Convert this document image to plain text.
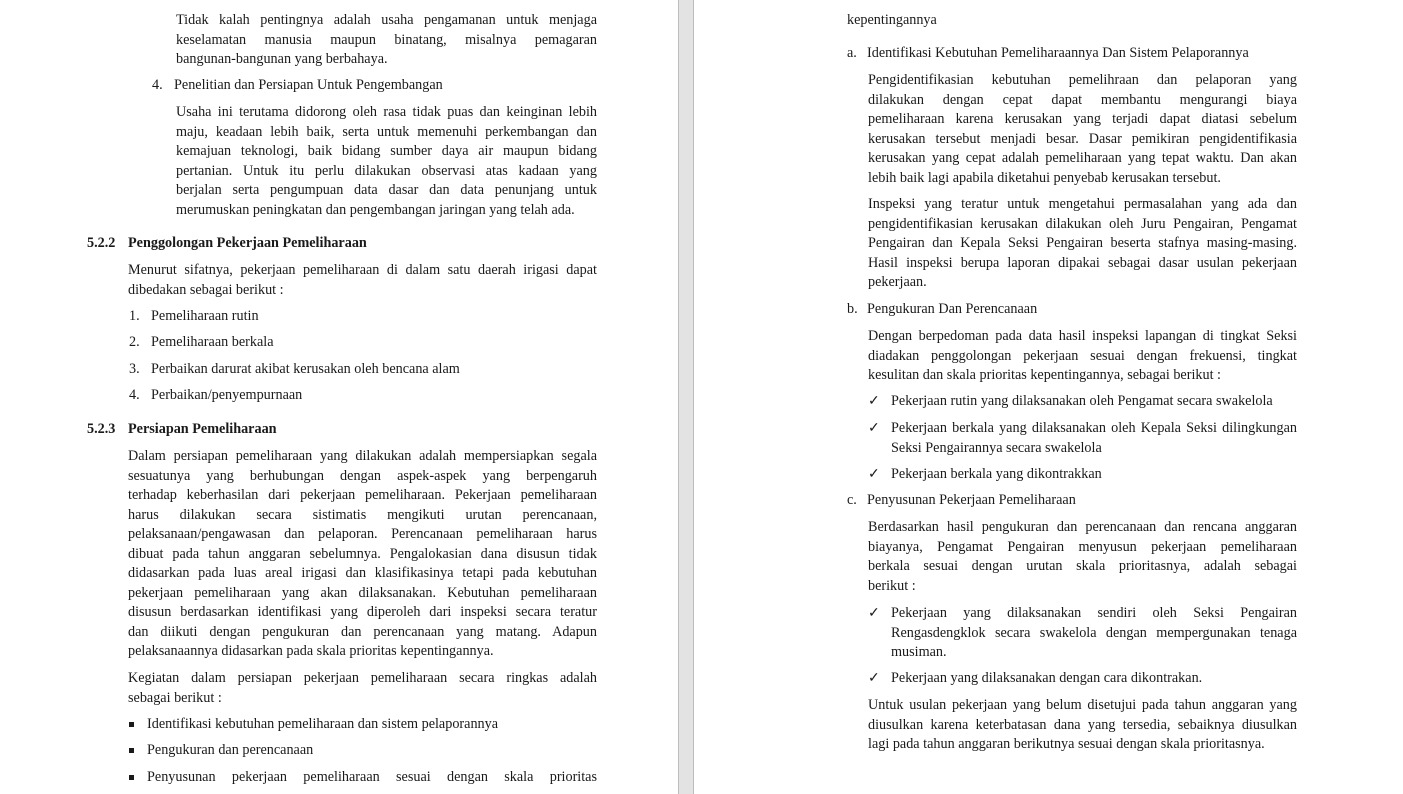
Tidak kalah pentingnya adalah usaha pengamanan untuk menjaga
keselamatan manusia maupun binatang, misalnya pemagaran
bangunan-bangunan yang berbahaya.
4. Penelitian dan Persiapan Untuk Pengembangan
Usaha ini terutama didorong oleh rasa tidak puas dan keinginan lebih
maju, keadaan lebih baik, serta untuk memenuhi perkembangan dan
kemajuan teknologi, baik bidang sumber daya air maupun bidang
pertanian. Untuk itu perlu dilakukan observasi atas kadaan yang
berjalan serta pengumpuan data dasar dan data penunjang untuk
merumuskan peningkatan dan pengembangan jaringan yang telah ada.
5.2.2 Penggolongan Pekerjaan Pemeliharaan
Menurut sifatnya, pekerjaan pemeliharaan di dalam satu daerah irigasi dapat
dibedakan sebagai berikut :
1. Pemeliharaan rutin
2. Pemeliharaan berkala
3. Perbaikan darurat akibat kerusakan oleh bencana alam
4. Perbaikan/penyempurnaan
5.2.3 Persiapan Pemeliharaan
Dalam persiapan pemeliharaan yang dilakukan adalah mempersiapkan segala
sesuatunya yang berhubungan dengan aspek-aspek yang berpengaruh
terhadap keberhasilan dari pekerjaan pemeliharaan. Pekerjaan pemeliharaan
harus dilakukan secara sistimatis mengikuti urutan perencanaan,
pelaksanaan/pengawasan dan pelaporan. Perencanaan pemeliharaan harus
dibuat pada tahun anggaran sebelumnya. Pengalokasian dana disusun tidak
didasarkan pada luas areal irigasi dan klasifikasinya tetapi pada kebutuhan
pekerjaan pemeliharaan yang akan dilaksanakan. Kebutuhan pemeliharaan
disusun berdasarkan identifikasi yang diperoleh dari inspeksi secara teratur
dan diikuti dengan pengukuran dan perencanaan yang matang. Adapun
pelaksanaannya didasarkan pada skala prioritas kepentingannya.
Kegiatan dalam persiapan pekerjaan pemeliharaan secara ringkas adalah
sebagai berikut :
Identifikasi kebutuhan pemeliharaan dan sistem pelaporannya
Pengukuran dan perencanaan
Penyusunan pekerjaan pemeliharaan sesuai dengan skala prioritas
kepentingannya
a. Identifikasi Kebutuhan Pemeliharaannya Dan Sistem Pelaporannya
Pengidentifikasian kebutuhan pemelihraan dan pelaporan yang
dilakukan dengan cepat dapat membantu mengurangi biaya
pemeliharaan karena kerusakan yang terjadi dapat diatasi sebelum
kerusakan tersebut menjadi besar. Dasar pemikiran pengidentifikasia
kerusakan yang cepat adalah pemeliharaan yang tepat waktu. Dan akan
lebih baik lagi apabila diketahui penyebab kerusakan tersebut.
Inspeksi yang teratur untuk mengetahui permasalahan yang ada dan
pengidentifikasian kerusakan dilakukan oleh Juru Pengairan, Pengamat
Pengairan dan Kepala Seksi Pengairan beserta stafnya masing-masing.
Hasil inspeksi berupa laporan dipakai sebagai dasar usulan pekerjaan
pekerjaan.
b. Pengukuran Dan Perencanaan
Dengan berpedoman pada data hasil inspeksi lapangan di tingkat Seksi
diadakan penggolongan pekerjaan sesuai dengan frekuensi, tingkat
kesulitan dan skala prioritas kepentingannya, sebagai berikut :
✓ Pekerjaan rutin yang dilaksanakan oleh Pengamat secara swakelola
✓ Pekerjaan berkala yang dilaksanakan oleh Kepala Seksi dilingkungan
Seksi Pengairannya secara swakelola
✓ Pekerjaan berkala yang dikontrakkan
c. Penyusunan Pekerjaan Pemeliharaan
Berdasarkan hasil pengukuran dan perencanaan dan rencana anggaran
biayanya, Pengamat Pengairan menyusun pekerjaan pemeliharaan
berkala sesuai dengan urutan skala prioritasnya, adalah sebagai
berikut :
✓ Pekerjaan yang dilaksanakan sendiri oleh Seksi Pengairan
Rengasdengklok secara swakelola dengan mempergunakan tenaga
musiman.
✓ Pekerjaan yang dilaksanakan dengan cara dikontrakan.
Untuk usulan pekerjaan yang belum disetujui pada tahun anggaran yang
diusulkan karena keterbatasan dana yang tersedia, sebaiknya diusulkan
lagi pada tahun anggaran berikutnya sesuai dengan skala prioritasnya.
